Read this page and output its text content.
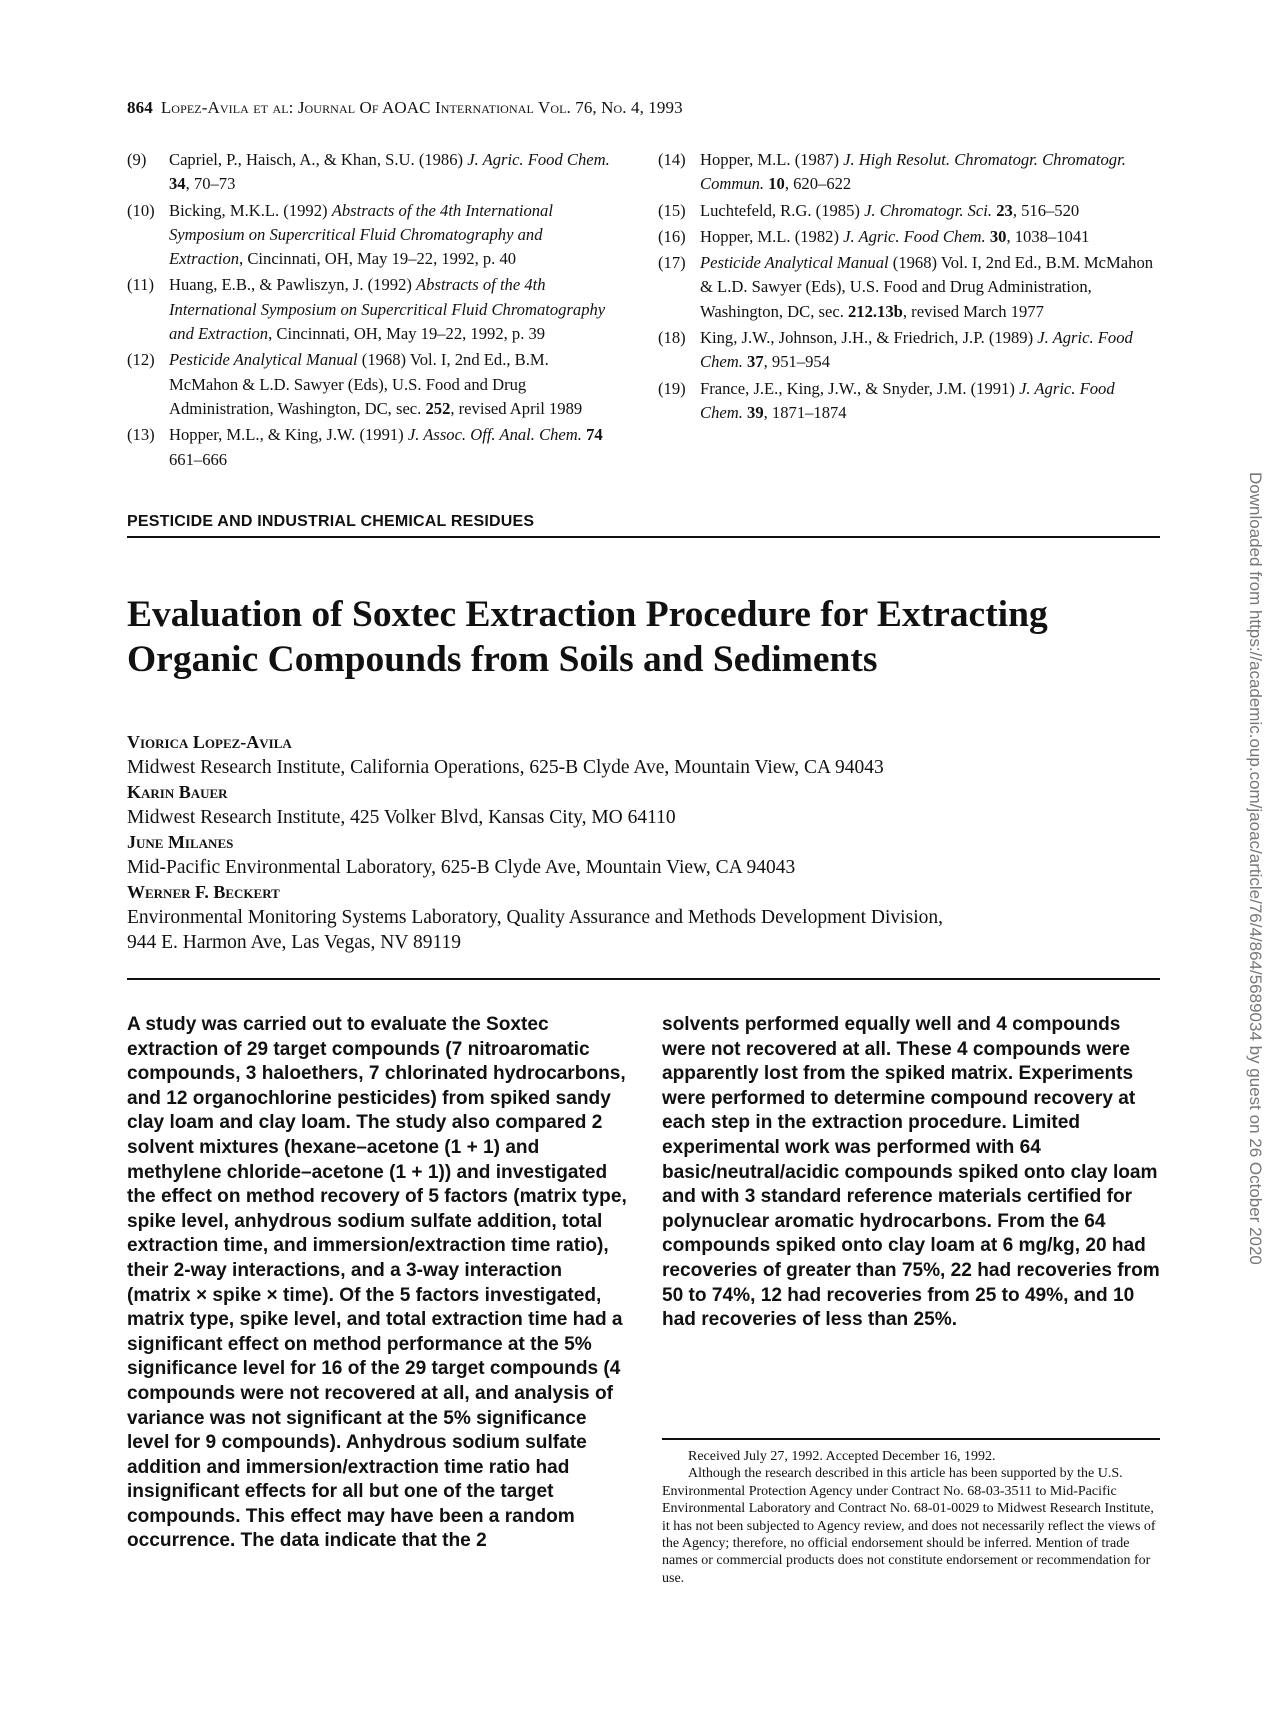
864 Lopez-Avila et al: Journal Of AOAC International Vol. 76, No. 4, 1993
(9)	Capriel, P., Haisch, A., & Khan, S.U. (1986) J. Agric. Food Chem. 34, 70–73
(10) Bicking, M.K.L. (1992) Abstracts of the 4th International Symposium on Supercritical Fluid Chromatography and Extraction, Cincinnati, OH, May 19–22, 1992, p. 40
(11) Huang, E.B., & Pawliszyn, J. (1992) Abstracts of the 4th International Symposium on Supercritical Fluid Chromatography and Extraction, Cincinnati, OH, May 19–22, 1992, p. 39
(12) Pesticide Analytical Manual (1968) Vol. I, 2nd Ed., B.M. McMahon & L.D. Sawyer (Eds), U.S. Food and Drug Administration, Washington, DC, sec. 252, revised April 1989
(13) Hopper, M.L., & King, J.W. (1991) J. Assoc. Off. Anal. Chem. 74 661–666
(14) Hopper, M.L. (1987) J. High Resolut. Chromatogr. Chromatogr. Commun. 10, 620–622
(15) Luchtefeld, R.G. (1985) J. Chromatogr. Sci. 23, 516–520
(16) Hopper, M.L. (1982) J. Agric. Food Chem. 30, 1038–1041
(17) Pesticide Analytical Manual (1968) Vol. I, 2nd Ed., B.M. McMahon & L.D. Sawyer (Eds), U.S. Food and Drug Administration, Washington, DC, sec. 212.13b, revised March 1977
(18) King, J.W., Johnson, J.H., & Friedrich, J.P. (1989) J. Agric. Food Chem. 37, 951–954
(19) France, J.E., King, J.W., & Snyder, J.M. (1991) J. Agric. Food Chem. 39, 1871–1874
PESTICIDE AND INDUSTRIAL CHEMICAL RESIDUES
Evaluation of Soxtec Extraction Procedure for Extracting
Organic Compounds from Soils and Sediments
Viorica Lopez-Avila
Midwest Research Institute, California Operations, 625-B Clyde Ave, Mountain View, CA 94043
Karin Bauer
Midwest Research Institute, 425 Volker Blvd, Kansas City, MO 64110
June Milanes
Mid-Pacific Environmental Laboratory, 625-B Clyde Ave, Mountain View, CA 94043
Werner F. Beckert
Environmental Monitoring Systems Laboratory, Quality Assurance and Methods Development Division,
944 E. Harmon Ave, Las Vegas, NV 89119
A study was carried out to evaluate the Soxtec extraction of 29 target compounds (7 nitroaromatic compounds, 3 haloethers, 7 chlorinated hydrocarbons, and 12 organochlorine pesticides) from spiked sandy clay loam and clay loam. The study also compared 2 solvent mixtures (hexane–acetone (1 + 1) and methylene chloride–acetone (1 + 1)) and investigated the effect on method recovery of 5 factors (matrix type, spike level, anhydrous sodium sulfate addition, total extraction time, and immersion/extraction time ratio), their 2-way interactions, and a 3-way interaction (matrix × spike × time). Of the 5 factors investigated, matrix type, spike level, and total extraction time had a significant effect on method performance at the 5% significance level for 16 of the 29 target compounds (4 compounds were not recovered at all, and analysis of variance was not significant at the 5% significance level for 9 compounds). Anhydrous sodium sulfate addition and immersion/extraction time ratio had insignificant effects for all but one of the target compounds. This effect may have been a random occurrence. The data indicate that the 2
solvents performed equally well and 4 compounds were not recovered at all. These 4 compounds were apparently lost from the spiked matrix. Experiments were performed to determine compound recovery at each step in the extraction procedure. Limited experimental work was performed with 64 basic/neutral/acidic compounds spiked onto clay loam and with 3 standard reference materials certified for polynuclear aromatic hydrocarbons. From the 64 compounds spiked onto clay loam at 6 mg/kg, 20 had recoveries of greater than 75%, 22 had recoveries from 50 to 74%, 12 had recoveries from 25 to 49%, and 10 had recoveries of less than 25%.

Received July 27, 1992. Accepted December 16, 1992.

Although the research described in this article has been supported by the U.S. Environmental Protection Agency under Contract No. 68-03-3511 to Mid-Pacific Environmental Laboratory and Contract No. 68-01-0029 to Midwest Research Institute, it has not been subjected to Agency review, and does not necessarily reflect the views of the Agency; therefore, no official endorsement should be inferred. Mention of trade names or commercial products does not constitute endorsement or recommendation for use.

Downloaded from https://academic.oup.com/jaoac/article/76/4/864/5689034 by guest on 26 October 2020
